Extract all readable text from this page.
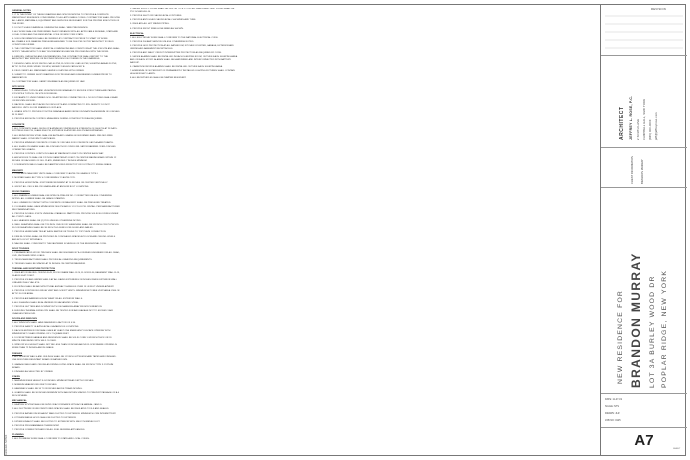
GENERAL NOTES
1. IT IS THE INTENT OF THESE DRAWINGS AND SPECIFICATIONS TO PROVIDE A COMPLETE WATERTIGHT RESIDENCE CONFORMING TO ALL APPLICABLE CODES. CONTRACTOR SHALL PROVIDE ALL LABOR, MATERIALS, EQUIPMENT AND SERVICES NECESSARY FOR THE PROPER EXECUTION OF THE WORK.
2. DO NOT SCALE DRAWINGS. DIMENSIONS SHALL TAKE PRECEDENCE.
3. ALL WORK SHALL BE PERFORMED IN ACCORDANCE WITH ALL APPLICABLE FEDERAL, STATE AND LOCAL CODES AND THE RESIDENTIAL CODE OF NEW YORK STATE.
4. SOILS INFORMATION SHALL BE VERIFIED BY CONTRACTOR PRIOR TO START OF WORK. ALLOWABLE SOIL BEARING PRESSURE ASSUMED TO BE 2000 PSF. NOTIFY ARCHITECT IF FIELD CONDITIONS DIFFER.
5. THE CONTRACTOR SHALL VERIFY ALL DIMENSIONS AND CONDITIONS AT THE JOB SITE AND SHALL NOTIFY THE ARCHITECT OF ANY DISCREPANCIES BEFORE PROCEEDING WITH THE WORK.
6. ERRORS, OMISSIONS AND DISCREPANCIES: THE CONTRACTOR SHALL REPORT TO THE ARCHITECT ANY ERRORS OR INCONSISTENCIES DISCOVERED IN THE DRAWINGS.
7. DESIGN LOADS: ROOF SNOW LOAD 40 PSF, FLOOR LIVE LOAD 40 PSF, SLEEPING AREAS 30 PSF, ATTIC 20 PSF, WIND SPEED 115 MPH, SEISMIC DESIGN CATEGORY B.
8. FIELD VERIFY ALL WATER AND SEWER LOCATIONS WITH OWNER.
9. SUBMIT TO OWNER SHOP DRAWINGS FOR TRUSSES AND ENGINEERED LUMBER PRIOR TO FABRICATION.
10. CONTRACTOR SHALL CARRY INSURANCE AS REQUIRED BY LAW.
SITE WORK
1. REMOVE ALL TOPSOIL AND VEGETATION FROM AREAS TO RECEIVE STRUCTURES AND PAVING. STOCKPILE TOPSOIL ON SITE FOR REUSE.
2. EXCAVATE TO UNDISTURBED SOIL OR APPROVED COMPACTED FILL. NO FOOTINGS SHALL BEAR ON FROZEN GROUND.
3. BACKFILL SHALL BE PLACED IN 8 INCH LIFTS AND COMPACTED TO 95% DENSITY. DO NOT BACKFILL UNTIL FLOOR FRAMING IS IN PLACE.
4. GRADE SITE TO PROVIDE POSITIVE DRAINAGE AWAY FROM FOUNDATION A MINIMUM OF 6 INCHES IN 10 FEET.
5. PROVIDE EROSION CONTROL MEASURES DURING CONSTRUCTION AS REQUIRED.
CONCRETE
1. ALL CONCRETE SHALL DEVELOP A MINIMUM COMPRESSIVE STRENGTH OF 3000 PSI AT 28 DAYS. FOOTINGS 3000 PSI, SLABS 3500 PSI, EXTERIOR FLATWORK 4000 PSI AIR ENTRAINED.
2. ALL REINFORCING STEEL SHALL BE ASTM A615 GRADE 60 DEFORMED BARS. WELDED WIRE FABRIC SHALL CONFORM TO ASTM A185.
3. PROVIDE MINIMUM CONCRETE COVER OF 3 INCHES FOR CONCRETE CAST AGAINST EARTH.
4. ALL SLABS ON GRADE SHALL BE 4 INCHES THICK OVER 6 MIL VAPOR BARRIER OVER 4 INCHES COMPACTED GRAVEL.
5. PROVIDE CONTROL JOINTS IN SLABS AT MAXIMUM 15 FEET ON CENTER EACH WAY.
6. ANCHOR BOLTS SHALL BE 1/2 INCH DIAMETER AT 6 FEET ON CENTER MAXIMUM AND WITHIN 12 INCHES OF EACH END OF SILL PLATE, EMBEDDED 7 INCHES MINIMUM.
7. FOUNDATION WALLS SHALL BE DAMPPROOFED FROM TOP OF FOOTING TO FINISH GRADE.
MASONRY
1. CONCRETE MASONRY UNITS SHALL CONFORM TO ASTM C90 GRADE N TYPE I.
2. MORTAR SHALL BE TYPE S CONFORMING TO ASTM C270.
3. PROVIDE HORIZONTAL JOINT REINFORCEMENT AT 16 INCHES ON CENTER VERTICALLY.
4. GROUT ALL CELLS BELOW GRADE AND AT ANCHOR BOLT LOCATIONS.
WOOD FRAMING
1. ALL FRAMING LUMBER SHALL BE SPRUCE-PINE-FIR NO. 2 OR BETTER UNLESS OTHERWISE NOTED. ALL LUMBER SHALL BE GRADE STAMPED.
2. ALL LUMBER IN CONTACT WITH CONCRETE OR MASONRY SHALL BE PRESSURE TREATED.
3. LVL BEAMS SHALL HAVE MINIMUM FB 2600 PSI AND E 1.9 X 10^6 PSI. INSTALL PER MANUFACTURER RECOMMENDATIONS.
4. PROVIDE DOUBLE JOISTS UNDER ALL PARALLEL PARTITIONS. PROVIDE SOLID BLOCKING UNDER ALL POINT LOADS.
5. ALL HEADERS SHALL BE (2) 2X10 UNLESS OTHERWISE NOTED.
6. WALL SHEATHING SHALL BE 7/16 INCH OSB. ROOF SHEATHING SHALL BE 5/8 INCH CDX PLYWOOD. FLOOR SHEATHING SHALL BE 3/4 INCH T&G SUBFLOOR GLUED AND NAILED.
7. PROVIDE HURRICANE TIES AT EACH RAFTER OR TRUSS TO TOP PLATE CONNECTION.
8. FIRE BLOCKING SHALL BE PROVIDED IN CONCEALED SPACES AT FLOOR AND CEILING LEVELS AND AT 10 FOOT INTERVALS.
9. NAILING SHALL CONFORM TO THE FASTENER SCHEDULE OF THE RESIDENTIAL CODE.
ROOF TRUSSES
1. PREFABRICATED WOOD TRUSSES SHALL BE DESIGNED BY A LICENSED ENGINEER FOR ALL DEAD, LIVE, SNOW AND WIND LOADS.
2. TRUSS MANUFACTURER SHALL PROVIDE ALL BRACING REQUIREMENTS.
3. TRUSSES SHALL BE SPACED AT 24 INCHES ON CENTER MAXIMUM.
THERMAL AND MOISTURE PROTECTION
1. INSULATION VALUES: CEILING R-49, WOOD FRAME WALL R-20, FLOOR R-30, BASEMENT WALL R-15, SLAB R-10 AT 2 FEET.
2. PROVIDE ICE AND WATER SHIELD AT ALL EAVES EXTENDING 24 INCHES INSIDE EXTERIOR WALL LINE AND IN ALL VALLEYS.
3. ROOFING SHALL BE ARCHITECTURAL ASPHALT SHINGLES OVER 15 LB FELT UNDERLAYMENT.
4. PROVIDE CONTINUOUS RIDGE VENT AND SOFFIT VENTS. MINIMUM NET FREE VENT AREA 1/300 OF ATTIC FLOOR AREA.
5. PROVIDE AIR BARRIER HOUSE WRAP ON ALL EXTERIOR WALLS.
6. ALL FLASHING SHALL BE ALUMINUM OR GALVANIZED STEEL.
7. PROVIDE GUTTERS AND DOWNSPOUTS DISCHARGING AWAY FROM FOUNDATION.
8. BUILDING THERMAL ENVELOPE SHALL BE TESTED FOR AIR LEAKAGE NOT TO EXCEED 3 AIR CHANGES PER HOUR.
DOORS AND WINDOWS
1. ALL WINDOWS SHALL HAVE MAXIMUM U-FACTOR OF 0.30.
2. PROVIDE SAFETY GLAZING AT ALL HAZARDOUS LOCATIONS.
3. EACH SLEEPING ROOM SHALL HAVE AT LEAST ONE EMERGENCY ESCAPE OPENING WITH MINIMUM NET CLEAR OPENING OF 5.7 SQUARE FEET.
4. DOOR BETWEEN GARAGE AND RESIDENCE SHALL BE SOLID CORE 1-3/8 INCH THICK OR 20 MINUTE FIRE RATED WITH SELF CLOSER.
5. WINDOW SILL HEIGHT SHALL NOT BE LESS THAN 24 INCHES ABOVE FLOOR WHERE OPENING IS MORE THAN 72 INCHES ABOVE GRADE.
FINISHES
1. ALL INTERIOR WALLS AND CEILINGS SHALL BE 1/2 INCH GYPSUM BOARD TAPED AND FINISHED. USE MOISTURE RESISTANT BOARD IN BATHROOMS.
2. GARAGE WALLS AND CEILING ADJOINING LIVING SPACE SHALL BE 5/8 INCH TYPE X GYPSUM BOARD.
3. FINISHES AS SELECTED BY OWNER.
STAIRS
1. MAXIMUM RISER HEIGHT 8-1/4 INCHES. MINIMUM TREAD DEPTH 9 INCHES.
2. MINIMUM HEADROOM 6 FEET 8 INCHES.
3. HANDRAILS SHALL BE 34 TO 38 INCHES ABOVE TREAD NOSING.
4. GUARDS SHALL BE 36 INCHES MINIMUM WITH BALUSTERS SPACED TO PREVENT PASSAGE OF A 4 INCH SPHERE.
MECHANICAL
1. HEATING SYSTEM SHALL BE SIZED IN ACCORDANCE WITH ACCA MANUAL J AND S.
2. ALL DUCTWORK IN UNCONDITIONED SPACES SHALL BE INSULATED TO R-8 AND SEALED.
3. PROVIDE BATHROOM EXHAUST FANS DUCTED TO EXTERIOR. MINIMUM 50 CFM INTERMITTENT.
4. KITCHEN RANGE HOOD SHALL BE DUCTED TO EXTERIOR.
5. DRYER EXHAUST SHALL BE DUCTED TO EXTERIOR WITH SMOOTH METAL DUCT.
6. PROVIDE PROGRAMMABLE THERMOSTAT.
7. PROVIDE COMBUSTION AIR FOR ALL FUEL BURNING APPLIANCES.
PLUMBING
1. ALL PLUMBING WORK SHALL CONFORM TO STATE AND LOCAL CODES.
2. WATER SUPPLY PIPING SHALL BE PEX OR TYPE L COPPER. WASTE AND VENT PIPING SHALL BE PVC SCHEDULE 40.
3. PROVIDE SHUT OFF VALVES AT ALL FIXTURES.
4. PROVIDE ANTI-SCALD VALVES AT ALL SHOWERS AND TUBS.
5. INSULATE ALL HOT WATER PIPING.
6. PROVIDE FROST FREE HOSE BIBBS AS SHOWN.
ELECTRICAL
1. ALL ELECTRICAL WORK SHALL CONFORM TO THE NATIONAL ELECTRICAL CODE.
2. PROVIDE 200 AMP SERVICE UNLESS OTHERWISE NOTED.
3. PROVIDE GFCI PROTECTION AT ALL BATHROOM, KITCHEN COUNTER, GARAGE, EXTERIOR AND UNFINISHED BASEMENT RECEPTACLES.
4. PROVIDE ARC FAULT CIRCUIT INTERRUPTER PROTECTION AS REQUIRED BY CODE.
5. SMOKE ALARMS SHALL BE INSTALLED IN EACH SLEEPING ROOM, OUTSIDE EACH SLEEPING AREA AND ON EACH STORY. ALARMS SHALL BE HARDWIRED AND INTERCONNECTED WITH BATTERY BACKUP.
6. CARBON MONOXIDE ALARMS SHALL BE INSTALLED OUTSIDE EACH SLEEPING AREA.
7. A MINIMUM OF 90 PERCENT OF PERMANENTLY INSTALLED LIGHTING FIXTURES SHALL CONTAIN HIGH EFFICACY LAMPS.
8. ALL RECEPTACLES SHALL BE TAMPER RESISTANT.
REVISION
ARCHITECT JEFFREY L. ROSE, P.C. 2 SOUTH LANE CAMPBELL HALL, NEW YORK (845) 000-0000 jeff@jeffreyrose.com
CLIENT INFORMATION	BRANDON MURRAY
NEW RESIDENCE FOR BRANDON MURRAY LOT 3A BURLEY WOOD DR POPLAR RIDGE, NEW YORK
DATE: 11-27-19
SCALE: NTS
DRAWN: JLR
JOB NO: 1925
A7	SHEET
GENERAL NOTES
